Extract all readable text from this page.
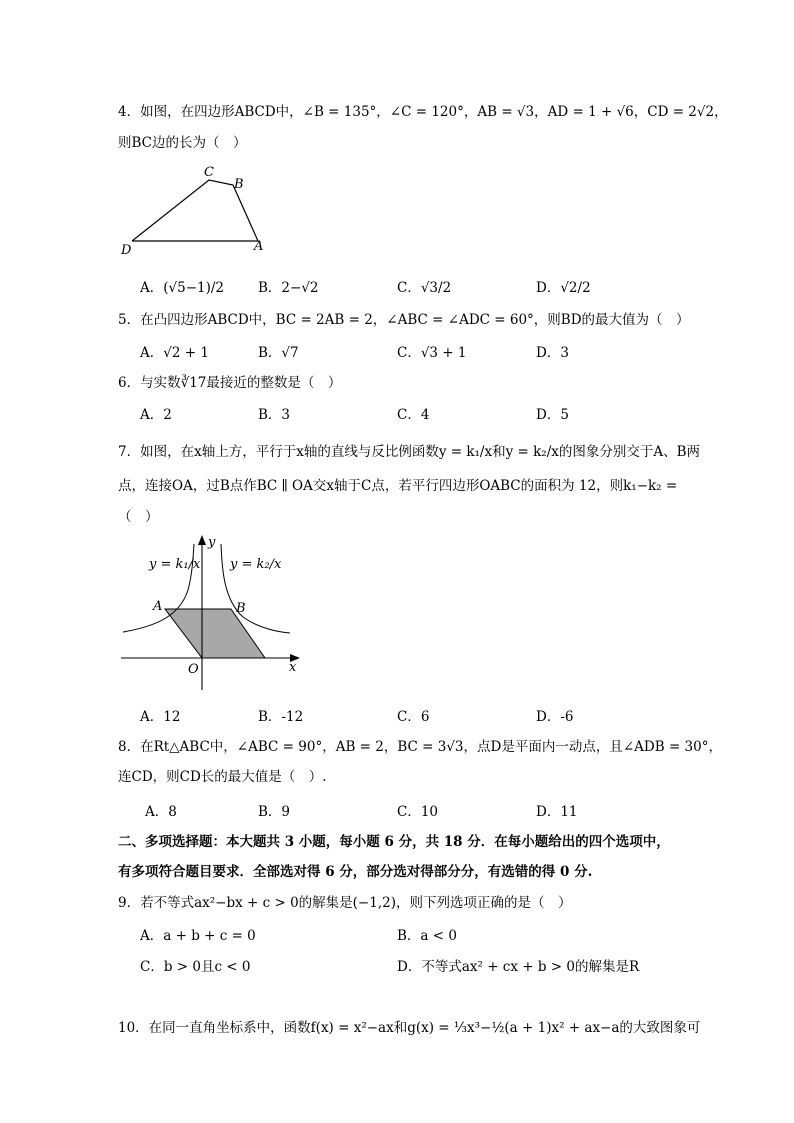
4．如图，在四边形ABCD中，∠B = 135°，∠C = 120°，AB = √3，AD = 1 + √6，CD = 2√2，
则BC边的长为（　）
C
B
D	A
A．(√5−1)/2	B．2−√2	C．√3/2	D．√2/2
5．在凸四边形ABCD中，BC = 2AB = 2，∠ABC = ∠ADC = 60°，则BD的最大值为（　）
A．√2 + 1	B．√7	C．√3 + 1	D．3
6．与实数∛17最接近的整数是（　）
A．2	B．3	C．4	D．5
7．如图，在x轴上方，平行于x轴的直线与反比例函数y = k₁/x和y = k₂/x的图象分别交于A、B两
点，连接OA，过B点作BC ∥ OA交x轴于C点，若平行四边形OABC的面积为 12，则k₁−k₂ =
（　）
y = k₁/x y = k₂/x
y
x
O
A	B
A．12	B．-12	C．6	D．-6
8．在Rt△ABC中，∠ABC = 90°，AB = 2，BC = 3√3，点D是平面内一动点，且∠ADB = 30°，
连CD，则CD长的最大值是（　）.
A．8	B．9	C．10	D．11
二、多项选择题：本大题共 3 小题，每小题 6 分，共 18 分．在每小题给出的四个选项中，
有多项符合题目要求．全部选对得 6 分，部分选对得部分分，有选错的得 0 分.
9．若不等式ax²−bx + c > 0的解集是(−1,2)，则下列选项正确的是（　）
A．a + b + c = 0	B．a < 0
C．b > 0且c < 0	D．不等式ax² + cx + b > 0的解集是R
10．在同一直角坐标系中，函数f(x) = x²−ax和g(x) = ⅓x³−½(a + 1)x² + ax−a的大致图象可
